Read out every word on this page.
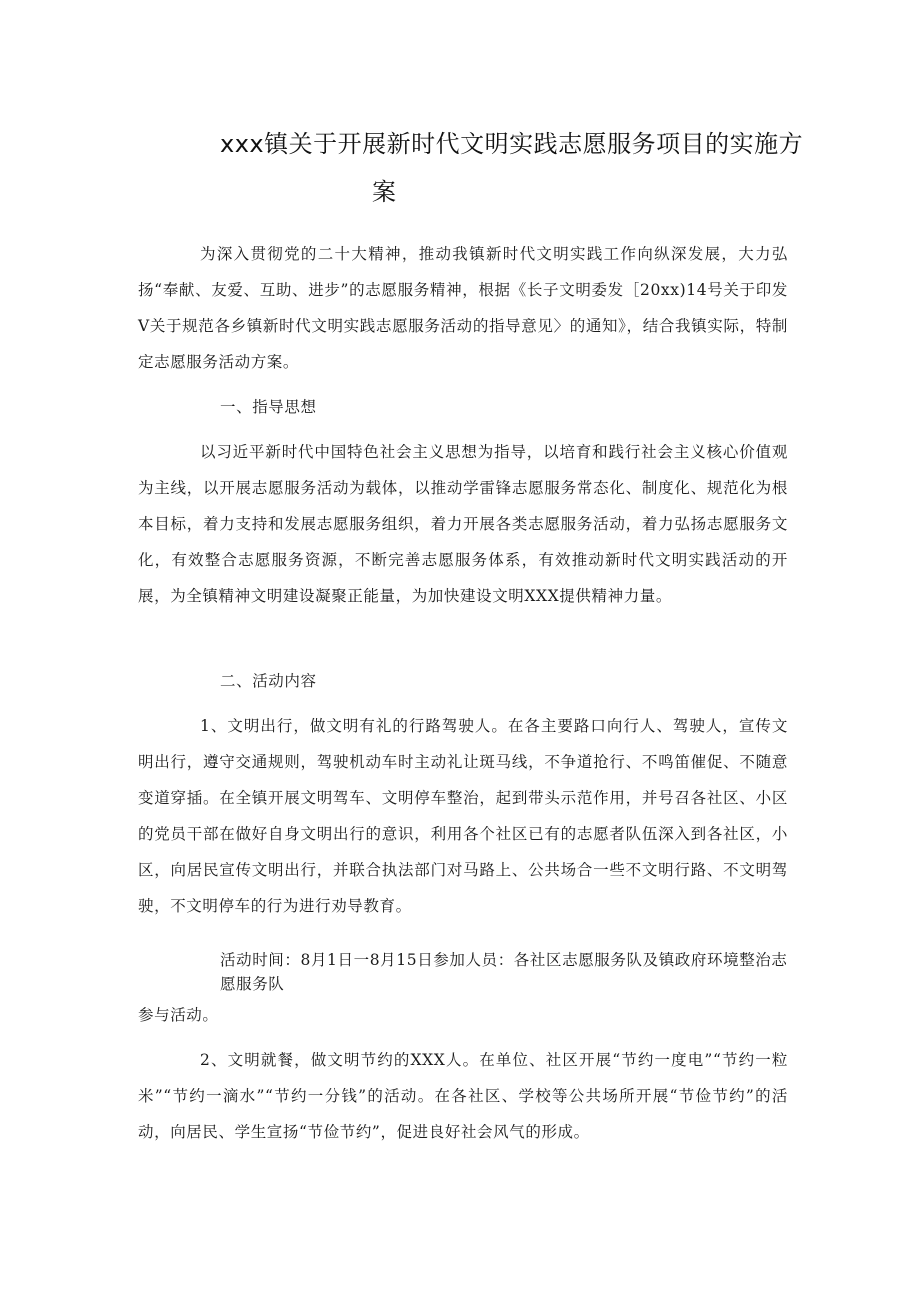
xxx镇关于开展新时代文明实践志愿服务项目的实施方
案

为深入贯彻党的二十大精神，推动我镇新时代文明实践工作向纵深发展，大力弘扬“奉献、友爱、互助、进步”的志愿服务精神，根据《长子文明委发［20xx)14号关于印发Ⅴ关于规范各乡镇新时代文明实践志愿服务活动的指导意见〉的通知》，结合我镇实际，特制定志愿服务活动方案。

一、指导思想

以习近平新时代中国特色社会主义思想为指导，以培育和践行社会主义核心价值观为主线，以开展志愿服务活动为载体，以推动学雷锋志愿服务常态化、制度化、规范化为根本目标，着力支持和发展志愿服务组织，着力开展各类志愿服务活动，着力弘扬志愿服务文化，有效整合志愿服务资源，不断完善志愿服务体系，有效推动新时代文明实践活动的开展，为全镇精神文明建设凝聚正能量，为加快建设文明XXX提供精神力量。

二、活动内容

1、文明出行，做文明有礼的行路驾驶人。在各主要路口向行人、驾驶人，宣传文明出行，遵守交通规则，驾驶机动车时主动礼让斑马线，不争道抢行、不鸣笛催促、不随意变道穿插。在全镇开展文明驾车、文明停车整治，起到带头示范作用，并号召各社区、小区的党员干部在做好自身文明出行的意识，利用各个社区已有的志愿者队伍深入到各社区，小区，向居民宣传文明出行，并联合执法部门对马路上、公共场合一些不文明行路、不文明驾驶，不文明停车的行为进行劝导教育。

活动时间：8月1日一8月15日参加人员：各社区志愿服务队及镇政府环境整治志愿服务队
参与活动。

2、文明就餐，做文明节约的XXX人。在单位、社区开展“节约一度电”“节约一粒米”“节约一滴水”“节约一分钱”的活动。在各社区、学校等公共场所开展“节俭节约”的活动，向居民、学生宣扬“节俭节约”，促进良好社会风气的形成。
